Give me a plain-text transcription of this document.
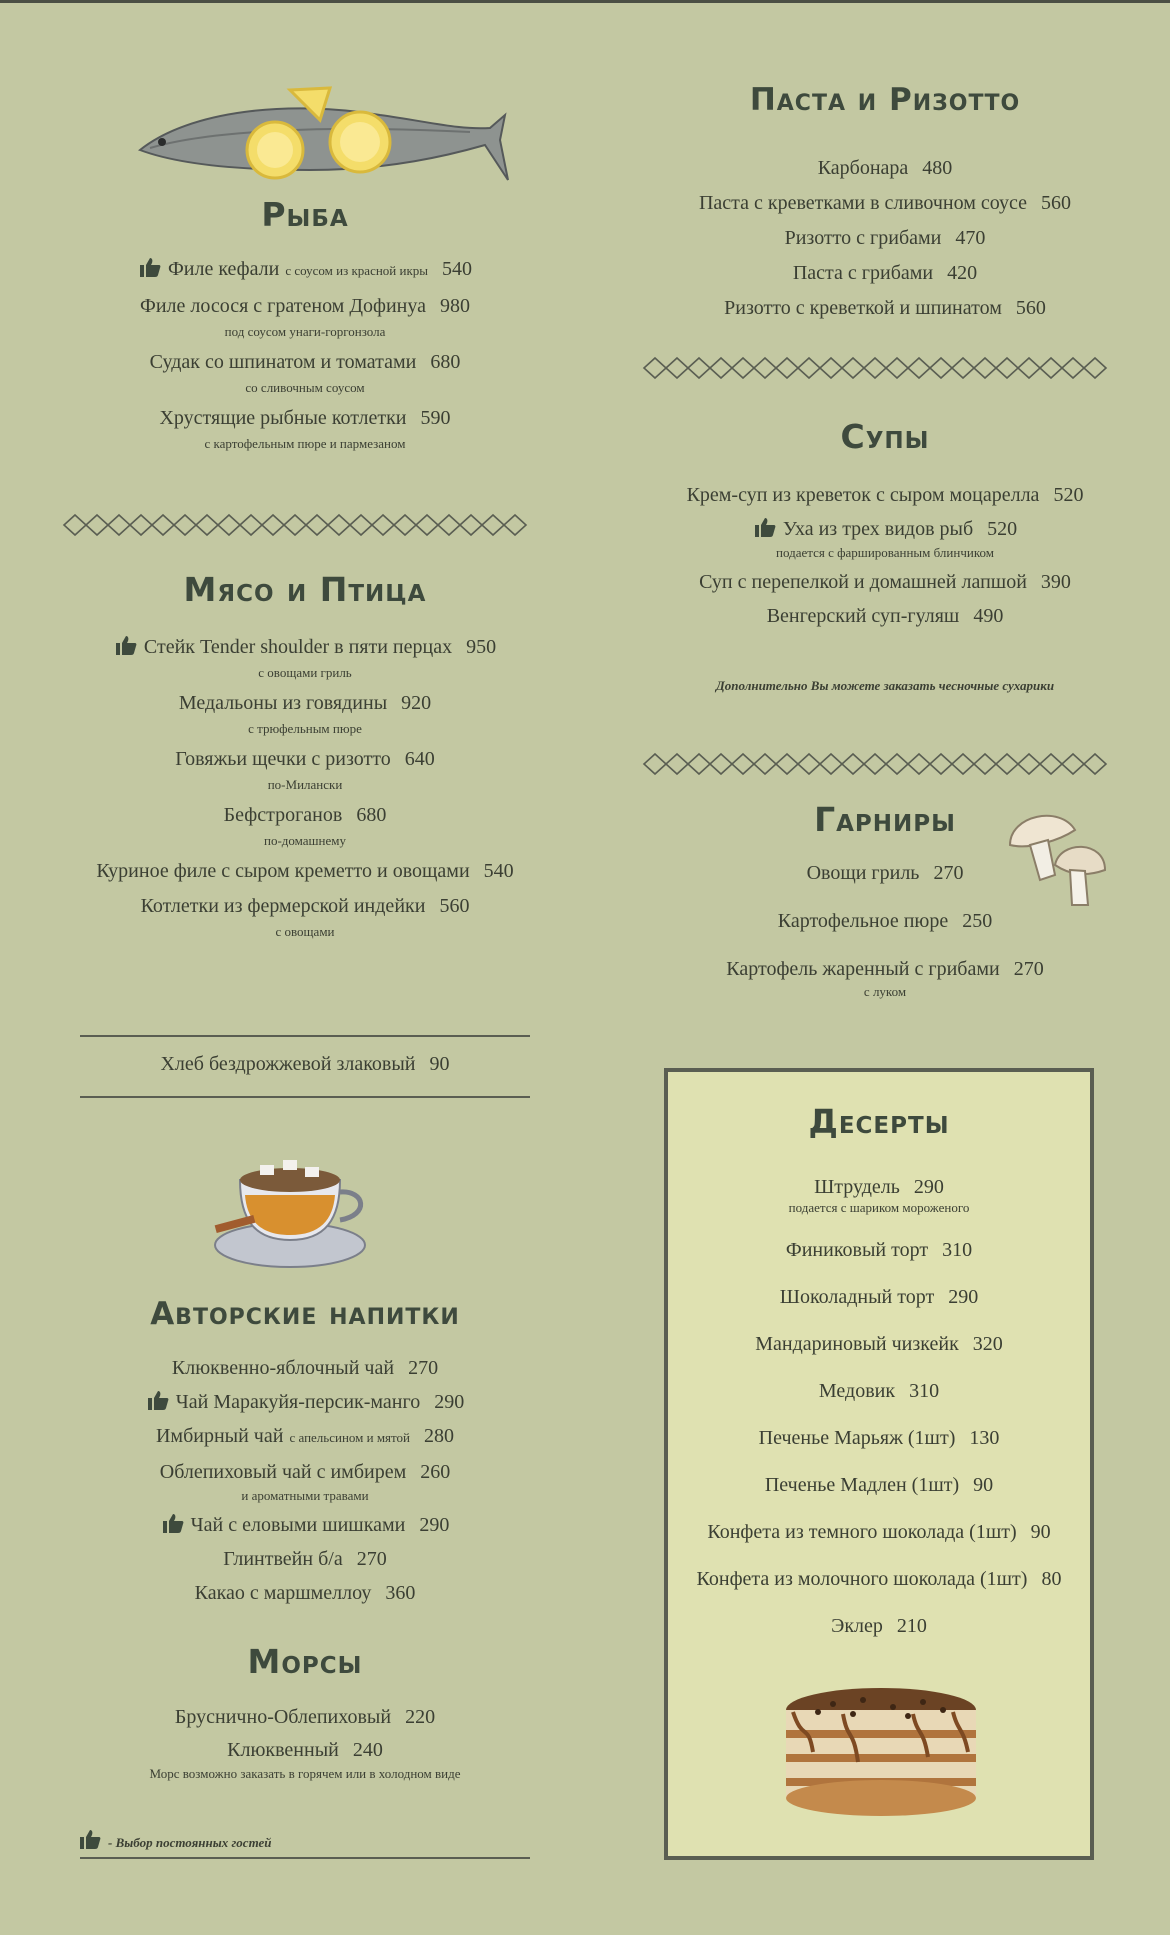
Рыба
Филе кефали с соусом из красной икры 540
Филе лосося с гратеном Дофинуа 980
под соусом унаги-горгонзола
Судак со шпинатом и томатами 680
со сливочным соусом
Хрустящие рыбные котлетки 590
с картофельным пюре и пармезаном
Мясо и Птица
Стейк Tender shoulder в пяти перцах 950
с овощами гриль
Медальоны из говядины 920
с трюфельным пюре
Говяжьи щечки с ризотто 640
по-Милански
Бефстроганов 680
по-домашнему
Куриное филе с сыром креметто и овощами 540
Котлетки из фермерской индейки 560
с овощами
Хлеб бездрожжевой злаковый 90
Авторские напитки
Клюквенно-яблочный чай 270
Чай Маракуйя-персик-манго 290
Имбирный чай с апельсином и мятой 280
Облепиховый чай с имбирем 260
и ароматными травами
Чай с еловыми шишками 290
Глинтвейн б/а 270
Какао с маршмеллоу 360
Морсы
Бруснично-Облепиховый 220
Клюквенный 240
Морс возможно заказать в горячем или в холодном виде
- Выбор постоянных гостей
Паста и Ризотто
Карбонара 480
Паста с креветками в сливочном соусе 560
Ризотто с грибами 470
Паста с грибами 420
Ризотто с креветкой и шпинатом 560
Супы
Крем-суп из креветок с сыром моцарелла 520
Уха из трех видов рыб 520
подается с фаршированным блинчиком
Суп с перепелкой и домашней лапшой 390
Венгерский суп-гуляш 490
Дополнительно Вы можете заказать чесночные сухарики
Гарниры
Овощи гриль 270
Картофельное пюре 250
Картофель жаренный с грибами 270
с луком
Десерты
Штрудель 290
подается с шариком мороженого
Финиковый торт 310
Шоколадный торт 290
Мандариновый чизкейк 320
Медовик 310
Печенье Марьяж (1шт) 130
Печенье Мадлен (1шт) 90
Конфета из темного шоколада (1шт) 90
Конфета из молочного шоколада (1шт) 80
Эклер 210
